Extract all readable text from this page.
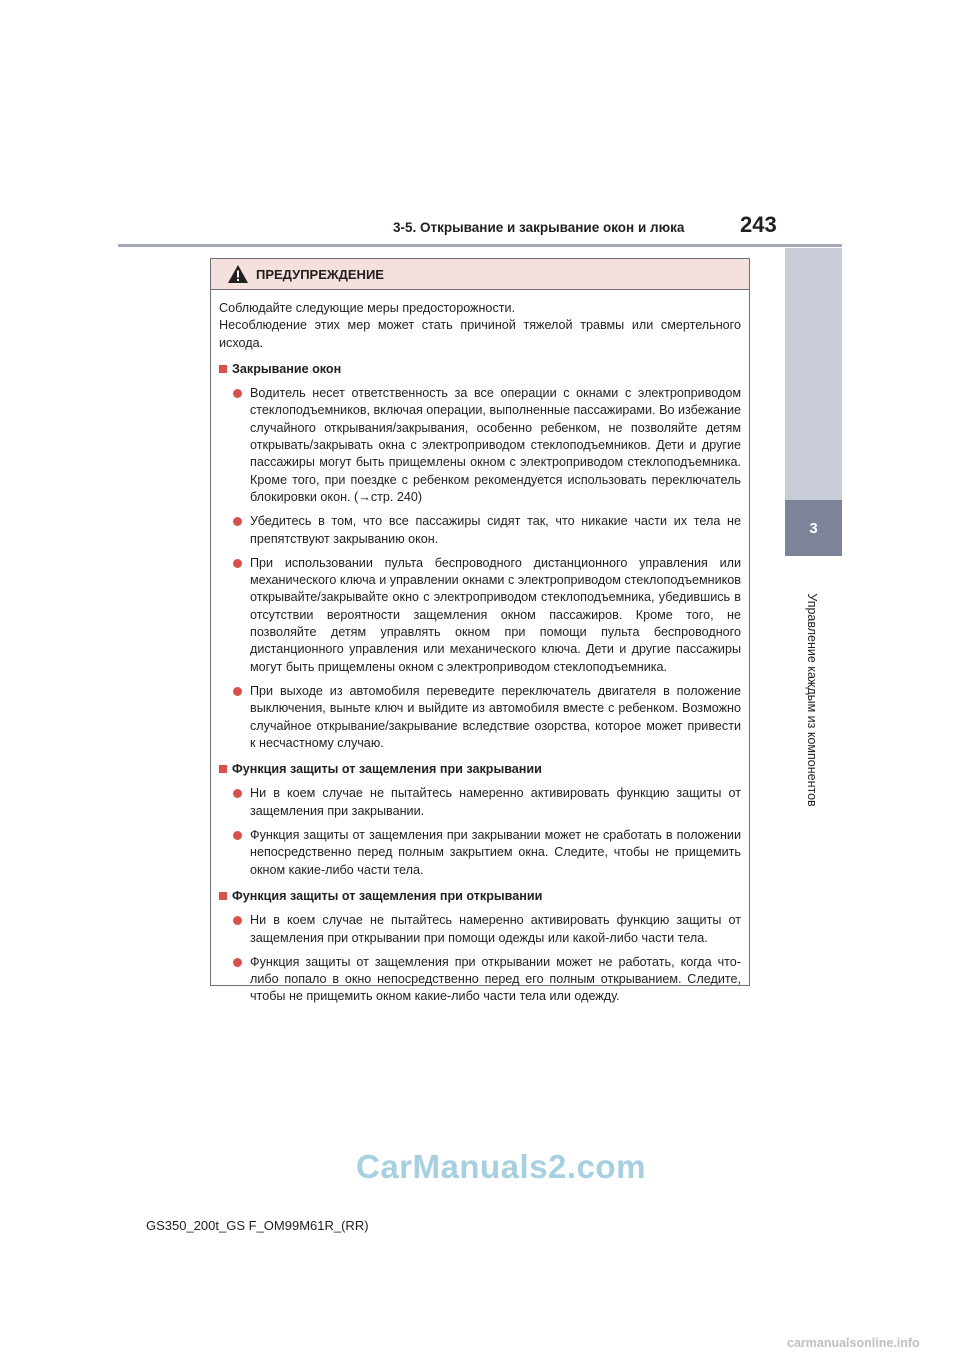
3-5. Открывание и закрывание окон и люка	243
3
Управление каждым из компонентов
ПРЕДУПРЕЖДЕНИЕ

Соблюдайте следующие меры предосторожности.

Несоблюдение этих мер может стать причиной тяжелой травмы или смертельного исхода.

Закрывание окон
Водитель несет ответственность за все операции с окнами с электроприводом стеклоподъемников, включая операции, выполненные пассажирами. Во избежание случайного открывания/закрывания, особенно ребенком, не позволяйте детям открывать/закрывать окна с электроприводом стеклоподъемников. Дети и другие пассажиры могут быть прищемлены окном с электроприводом стеклоподъемника. Кроме того, при поездке с ребенком рекомендуется использовать переключатель блокировки окон. (→стр. 240)
Убедитесь в том, что все пассажиры сидят так, что никакие части их тела не препятствуют закрыванию окон.
При использовании пульта беспроводного дистанционного управления или механического ключа и управлении окнами с электроприводом стеклоподъемников открывайте/закрывайте окно с электроприводом стеклоподъемника, убедившись в отсутствии вероятности защемления окном пассажиров. Кроме того, не позволяйте детям управлять окном при помощи пульта беспроводного дистанционного управления или механического ключа. Дети и другие пассажиры могут быть прищемлены окном с электроприводом стеклоподъемника.
При выходе из автомобиля переведите переключатель двигателя в положение выключения, выньте ключ и выйдите из автомобиля вместе с ребенком. Возможно случайное открывание/закрывание вследствие озорства, которое может привести к несчастному случаю.
Функция защиты от защемления при закрывании
Ни в коем случае не пытайтесь намеренно активировать функцию защиты от защемления при закрывании.
Функция защиты от защемления при закрывании может не сработать в положении непосредственно перед полным закрытием окна. Следите, чтобы не прищемить окном какие-либо части тела.
Функция защиты от защемления при открывании
Ни в коем случае не пытайтесь намеренно активировать функцию защиты от защемления при открывании при помощи одежды или какой-либо части тела.
Функция защиты от защемления при открывании может не работать, когда что-либо попало в окно непосредственно перед его полным открыванием. Следите, чтобы не прищемить окном какие-либо части тела или одежду.
CarManuals2.com
GS350_200t_GS F_OM99M61R_(RR)
carmanualsonline.info
